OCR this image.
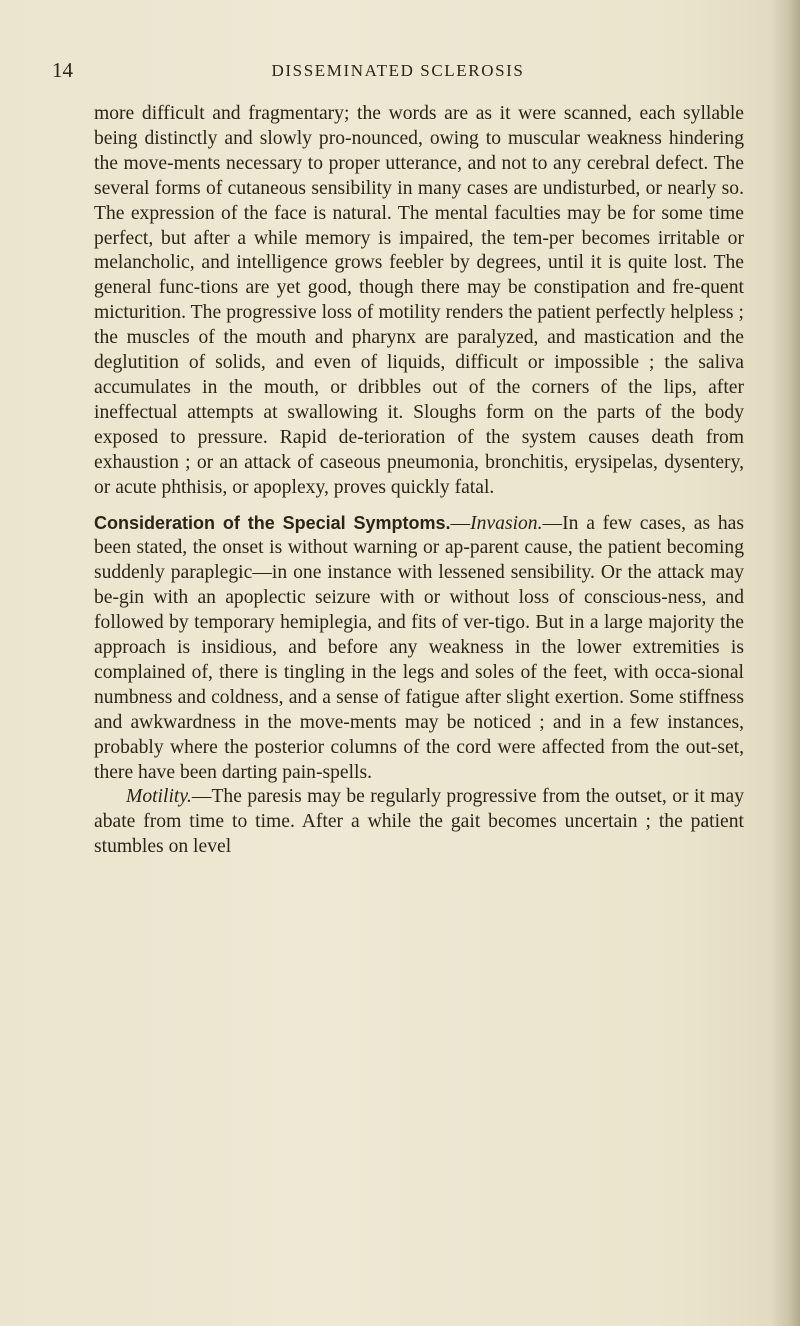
14	DISSEMINATED SCLEROSIS

more difficult and fragmentary; the words are as it were scanned, each syllable being distinctly and slowly pro-nounced, owing to muscular weakness hindering the move-ments necessary to proper utterance, and not to any cerebral defect. The several forms of cutaneous sensibility in many cases are undisturbed, or nearly so. The expression of the face is natural. The mental faculties may be for some time perfect, but after a while memory is impaired, the tem-per becomes irritable or melancholic, and intelligence grows feebler by degrees, until it is quite lost. The general func-tions are yet good, though there may be constipation and fre-quent micturition. The progressive loss of motility renders the patient perfectly helpless ; the muscles of the mouth and pharynx are paralyzed, and mastication and the deglutition of solids, and even of liquids, difficult or impossible ; the saliva accumulates in the mouth, or dribbles out of the corners of the lips, after ineffectual attempts at swallowing it. Sloughs form on the parts of the body exposed to pressure. Rapid de-terioration of the system causes death from exhaustion ; or an attack of caseous pneumonia, bronchitis, erysipelas, dysentery, or acute phthisis, or apoplexy, proves quickly fatal.

Consideration of the Special Symptoms.—Invasion.—In a few cases, as has been stated, the onset is without warning or ap-parent cause, the patient becoming suddenly paraplegic—in one instance with lessened sensibility. Or the attack may be-gin with an apoplectic seizure with or without loss of conscious-ness, and followed by temporary hemiplegia, and fits of ver-tigo. But in a large majority the approach is insidious, and before any weakness in the lower extremities is complained of, there is tingling in the legs and soles of the feet, with occa-sional numbness and coldness, and a sense of fatigue after slight exertion. Some stiffness and awkwardness in the move-ments may be noticed ; and in a few instances, probably where the posterior columns of the cord were affected from the out-set, there have been darting pain-spells.

Motility.—The paresis may be regularly progressive from the outset, or it may abate from time to time. After a while the gait becomes uncertain ; the patient stumbles on level
